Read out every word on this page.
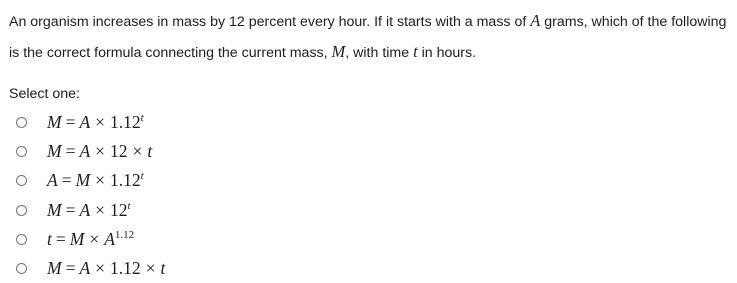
An organism increases in mass by 12 percent every hour. If it starts with a mass of A grams, which of the following is the correct formula connecting the current mass, M, with time t in hours.
Select one:
$M = A \times 1.12^t$
M = A × 12 × t
$A = M \times 1.12^t$
$M = A \times 12^t$
$t = M \times A^{1.12}$
M = A × 1.12 × t
